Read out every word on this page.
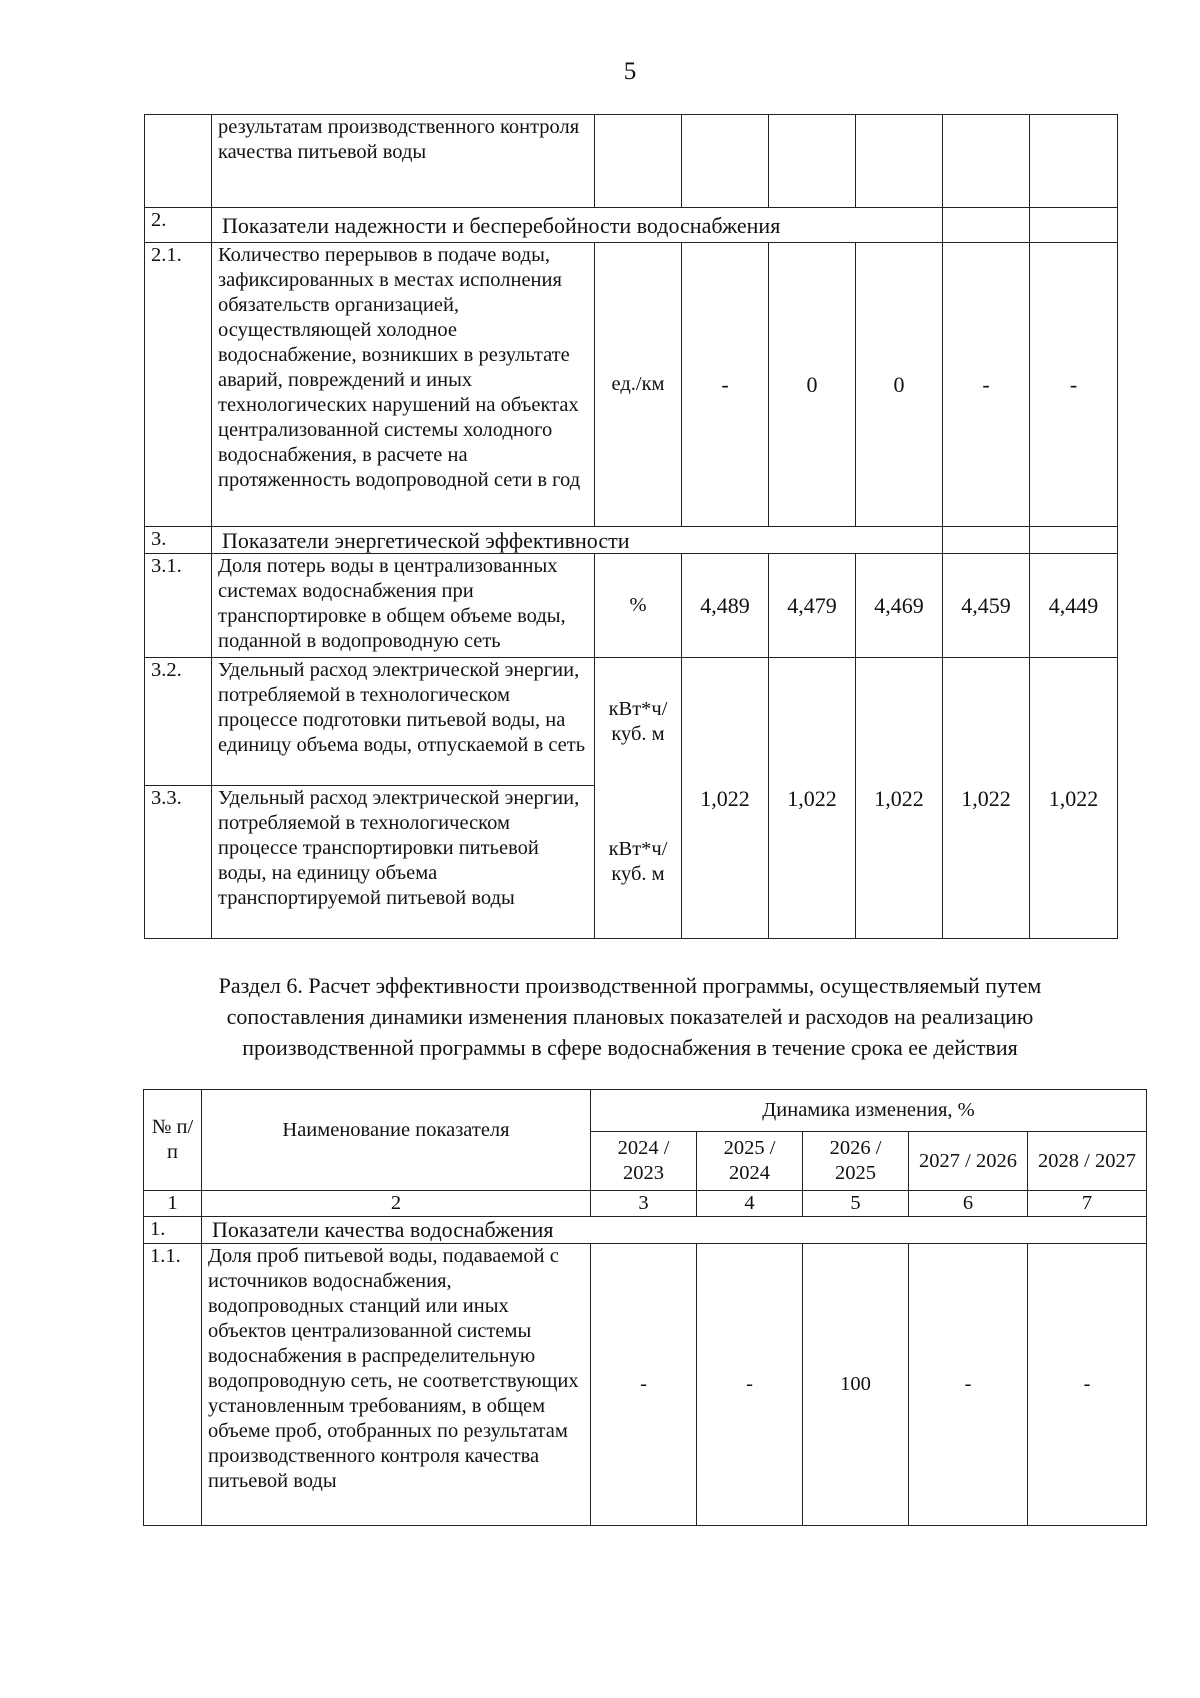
5
	результатам производственного контроля качества питьевой воды						
2.	Показатели надежности и бесперебойности водоснабжения						
2.1.	Количество перерывов в подаче воды, зафиксированных в местах исполнения обязательств организацией, осуществляющей холодное водоснабжение, возникших в результате аварий, повреждений и иных технологических нарушений на объектах централизованной системы холодного водоснабжения, в расчете на протяженность водопроводной сети в год	ед./км	-	0	0	-	-
3.	Показатели энергетической эффективности						
3.1.	Доля потерь воды в централизованных системах водоснабжения при транспортировке в общем объеме воды, поданной в водопроводную сеть	%	4,489	4,479	4,469	4,459	4,449
3.2.	Удельный расход электрической энергии, потребляемой в технологическом процессе подготовки питьевой воды, на единицу объема воды, отпускаемой в сеть	кВт*ч/ куб. м	1,022	1,022	1,022	1,022	1,022
3.3.	Удельный расход электрической энергии, потребляемой в технологическом процессе транспортировки питьевой воды, на единицу объема транспортируемой питьевой воды	кВт*ч/ куб. м					
Раздел 6. Расчет эффективности производственной программы, осуществляемый путем сопоставления динамики изменения плановых показателей и расходов на реализацию производственной программы в сфере водоснабжения в течение срока ее действия
№ п/п	Наименование показателя	Динамика изменения, %				
		2024 / 2023	2025 / 2024	2026 / 2025	2027 / 2026	2028 / 2027
1	2	3	4	5	6	7
1.	Показатели качества водоснабжения					
1.1.	Доля проб питьевой воды, подаваемой с источников водоснабжения, водопроводных станций или иных объектов централизованной системы водоснабжения в распределительную водопроводную сеть, не соответствующих установленным требованиям, в общем объеме проб, отобранных по результатам производственного контроля качества питьевой воды	-	-	100	-	-
